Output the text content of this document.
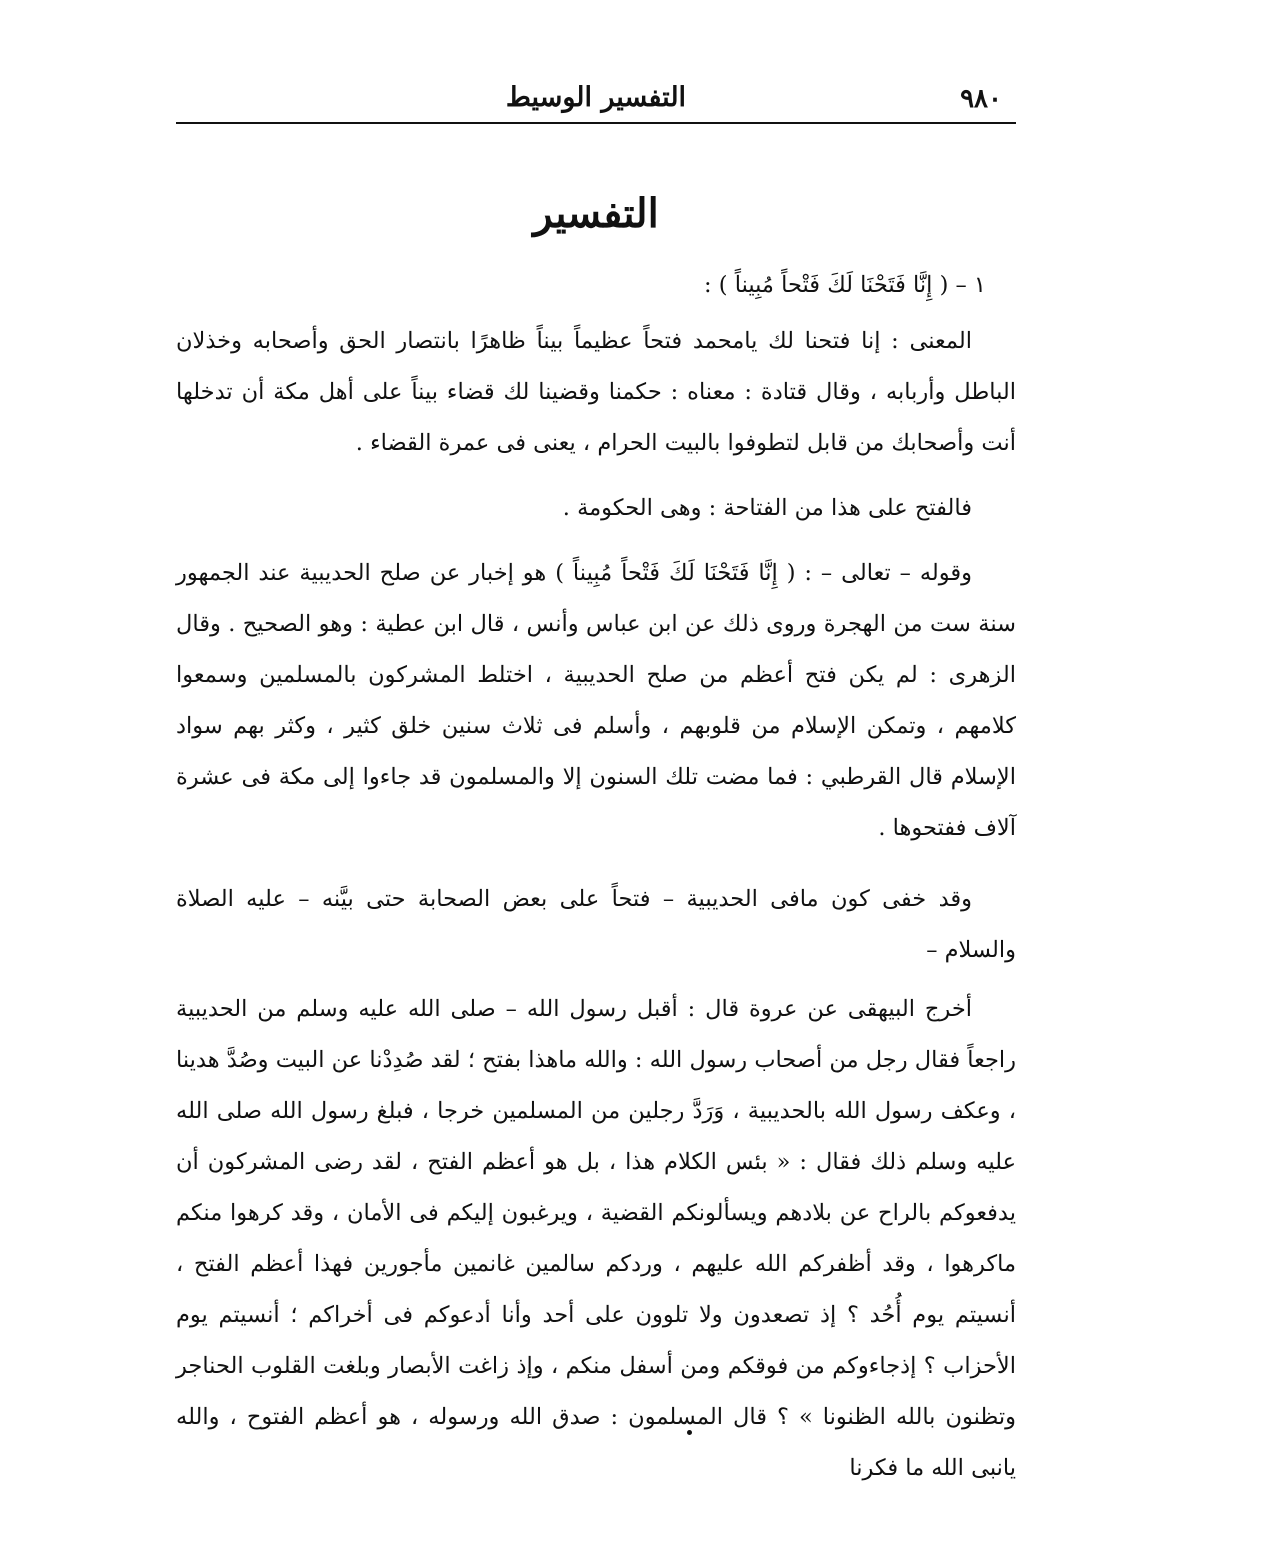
٩٨٠
التفسير الوسيط
التفسير

١ – ( إِنَّا فَتَحْنَا لَكَ فَتْحاً مُبِيناً ) :

المعنى : إنا فتحنا لك يامحمد فتحاً عظيماً بيناً ظاهرًا بانتصار الحق وأصحابه وخذلان الباطل وأربابه ، وقال قتادة : معناه : حكمنا وقضينا لك قضاء بيناً على أهل مكة أن تدخلها أنت وأصحابك من قابل لتطوفوا بالبيت الحرام ، يعنى فى عمرة القضاء .

فالفتح على هذا من الفتاحة : وهى الحكومة .

وقوله – تعالى – : ( إِنَّا فَتَحْنَا لَكَ فَتْحاً مُبِيناً ) هو إخبار عن صلح الحديبية عند الجمهور سنة ست من الهجرة وروى ذلك عن ابن عباس وأنس ، قال ابن عطية : وهو الصحيح . وقال الزهرى : لم يكن فتح أعظم من صلح الحديبية ، اختلط المشركون بالمسلمين وسمعوا كلامهم ، وتمكن الإسلام من قلوبهم ، وأسلم فى ثلاث سنين خلق كثير ، وكثر بهم سواد الإسلام قال القرطبي : فما مضت تلك السنون إلا والمسلمون قد جاءوا إلى مكة فى عشرة آلاف ففتحوها .

وقد خفى كون مافى الحديبية – فتحاً على بعض الصحابة حتى بيَّنه – عليه الصلاة والسلام –

أخرج البيهقى عن عروة قال : أقبل رسول الله – صلى الله عليه وسلم من الحديبية راجعاً فقال رجل من أصحاب رسول الله : والله ماهذا بفتح ؛ لقد صُدِدْنا عن البيت وصُدَّ هدينا ، وعكف رسول الله بالحديبية ، وَرَدَّ رجلين من المسلمين خرجا ، فبلغ رسول الله صلى الله عليه وسلم ذلك فقال : « بئس الكلام هذا ، بل هو أعظم الفتح ، لقد رضى المشركون أن يدفعوكم بالراح عن بلادهم ويسألونكم القضية ، ويرغبون إليكم فى الأمان ، وقد كرهوا منكم ماكرهوا ، وقد أظفركم الله عليهم ، وردكم سالمين غانمين مأجورين فهذا أعظم الفتح ، أنسيتم يوم أُحُد ؟ إذ تصعدون ولا تلوون على أحد وأنا أدعوكم فى أخراكم ؛ أنسيتم يوم الأحزاب ؟ إذجاءوكم من فوقكم ومن أسفل منكم ، وإذ زاغت الأبصار وبلغت القلوب الحناجر وتظنون بالله الظنونا » ؟ قال المسلمون : صدق الله ورسوله ، هو أعظم الفتوح ، والله يانبى الله ما فكرنا
